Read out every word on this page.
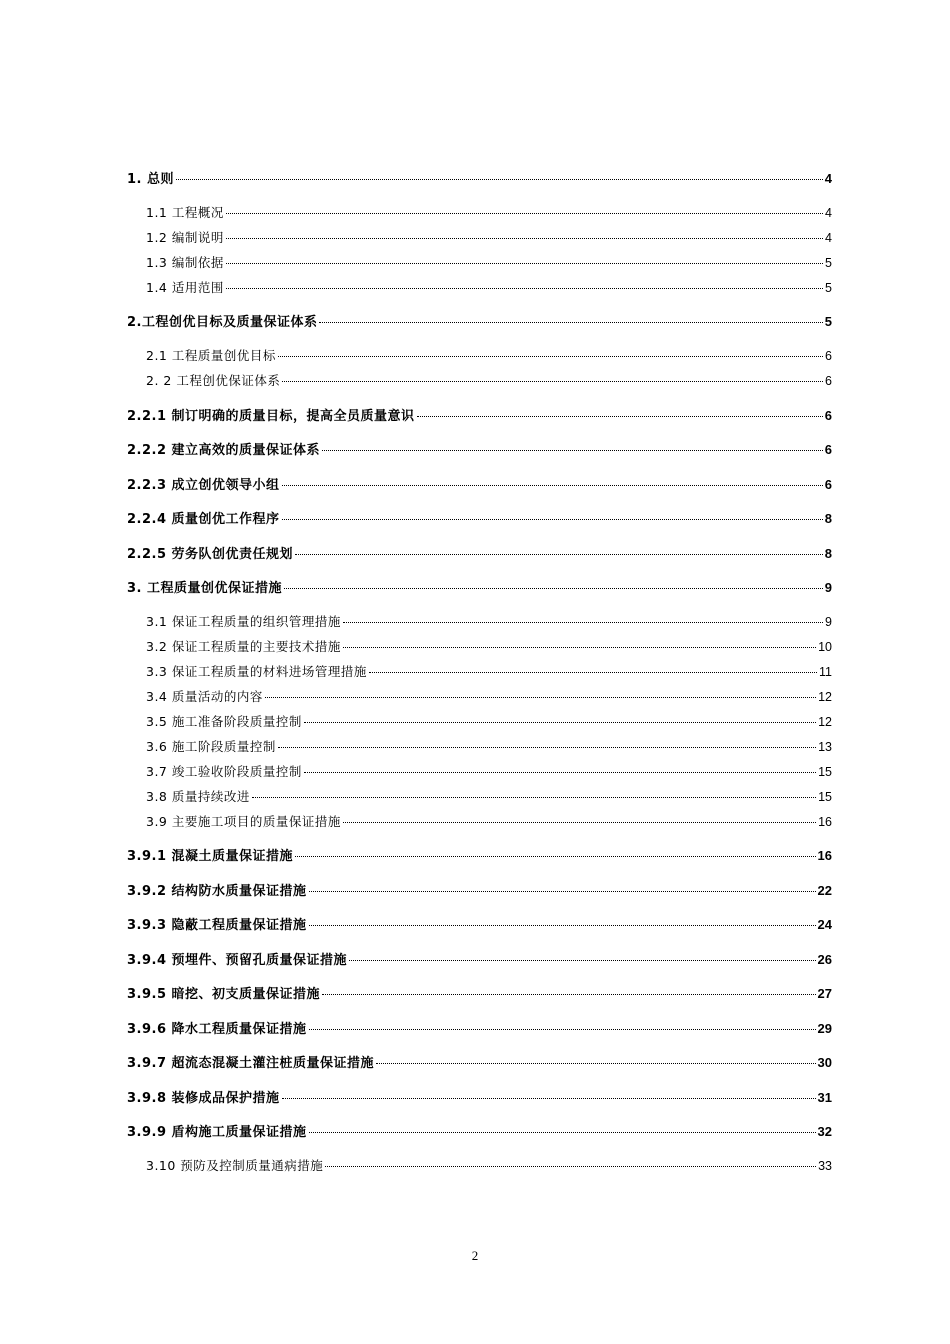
1. 总则	4
1.1 工程概况	4
1.2 编制说明	4
1.3 编制依据	5
1.4 适用范围	5
2.工程创优目标及质量保证体系	5
2.1 工程质量创优目标	6
2. 2 工程创优保证体系	6
2.2.1 制订明确的质量目标，提高全员质量意识	6
2.2.2 建立高效的质量保证体系	6
2.2.3 成立创优领导小组	6
2.2.4 质量创优工作程序	8
2.2.5 劳务队创优责任规划	8
3. 工程质量创优保证措施	9
3.1 保证工程质量的组织管理措施	9
3.2 保证工程质量的主要技术措施	10
3.3 保证工程质量的材料进场管理措施	11
3.4 质量活动的内容	12
3.5 施工准备阶段质量控制	12
3.6 施工阶段质量控制	13
3.7 竣工验收阶段质量控制	15
3.8 质量持续改进	15
3.9 主要施工项目的质量保证措施	16
3.9.1 混凝土质量保证措施	16
3.9.2 结构防水质量保证措施	22
3.9.3 隐蔽工程质量保证措施	24
3.9.4 预埋件、预留孔质量保证措施	26
3.9.5 暗挖、初支质量保证措施	27
3.9.6 降水工程质量保证措施	29
3.9.7 超流态混凝土灌注桩质量保证措施	30
3.9.8 装修成品保护措施	31
3.9.9 盾构施工质量保证措施	32
3.10 预防及控制质量通病措施	33
2
